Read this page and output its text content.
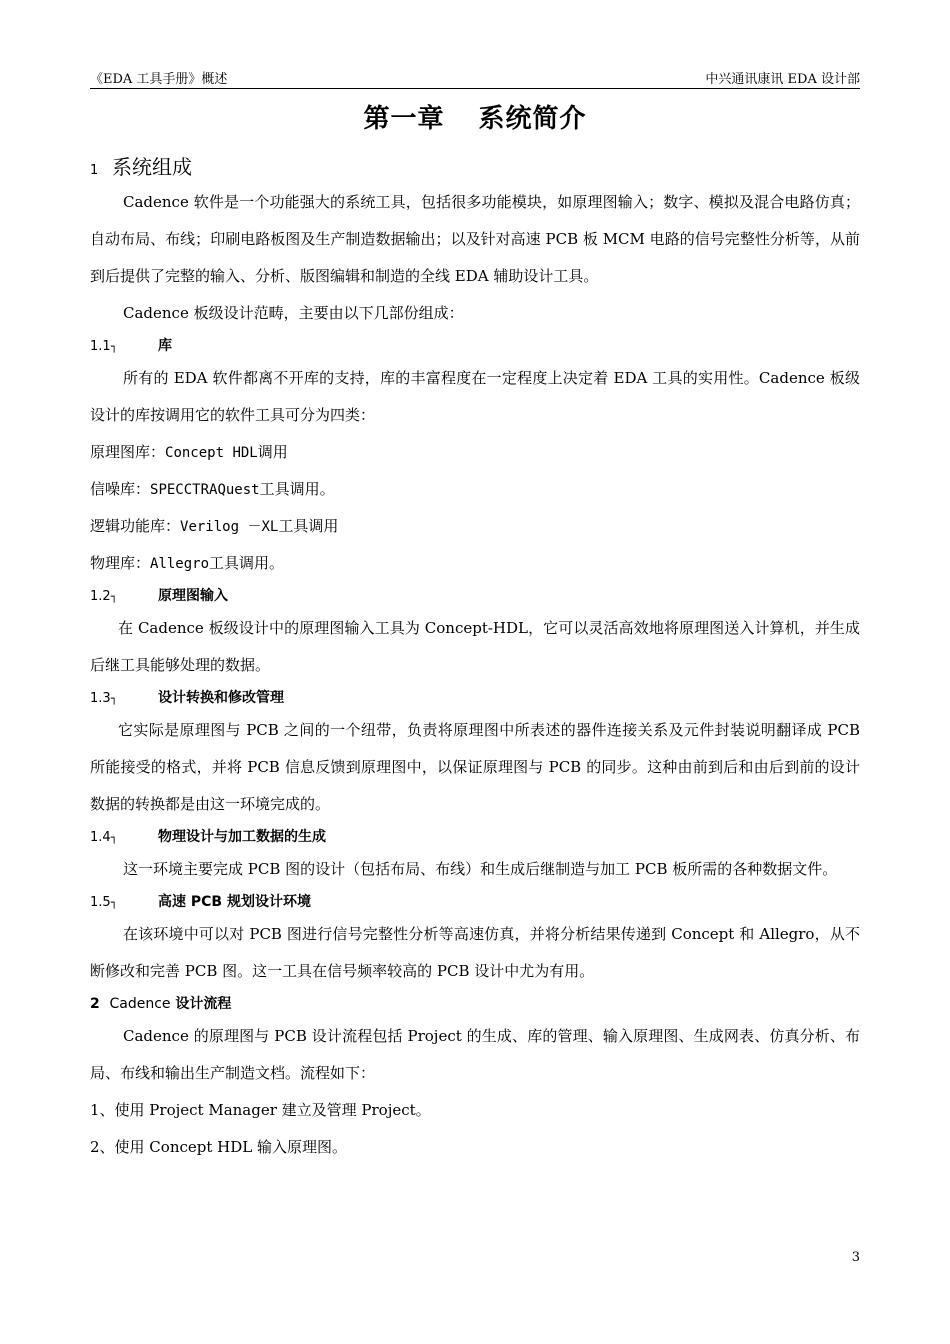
《EDA 工具手册》概述	中兴通讯康讯 EDA 设计部
第一章 系统简介
1 系统组成

Cadence 软件是一个功能强大的系统工具，包括很多功能模块，如原理图输入；数字、模拟及混合电路仿真；自动布局、布线；印刷电路板图及生产制造数据输出；以及针对高速 PCB 板 MCM 电路的信号完整性分析等，从前到后提供了完整的输入、分析、版图编辑和制造的全线 EDA 辅助设计工具。

Cadence 板级设计范畴，主要由以下几部份组成：

1.1┐	库

所有的 EDA 软件都离不开库的支持，库的丰富程度在一定程度上决定着 EDA 工具的实用性。Cadence 板级设计的库按调用它的软件工具可分为四类：

原理图库：Concept HDL调用
信噪库：SPECCTRAQuest工具调用。
逻辑功能库：Verilog －XL工具调用
物理库：Allegro工具调用。
1.2┐	原理图输入

在 Cadence 板级设计中的原理图输入工具为 Concept-HDL，它可以灵活高效地将原理图送入计算机，并生成后继工具能够处理的数据。

1.3┐	设计转换和修改管理

它实际是原理图与 PCB 之间的一个纽带，负责将原理图中所表述的器件连接关系及元件封装说明翻译成 PCB 所能接受的格式，并将 PCB 信息反馈到原理图中，以保证原理图与 PCB 的同步。这种由前到后和由后到前的设计数据的转换都是由这一环境完成的。

1.4┐	物理设计与加工数据的生成

这一环境主要完成 PCB 图的设计（包括布局、布线）和生成后继制造与加工 PCB 板所需的各种数据文件。

1.5┐	高速 PCB 规划设计环境

在该环境中可以对 PCB 图进行信号完整性分析等高速仿真，并将分析结果传递到 Concept 和 Allegro，从不断修改和完善 PCB 图。这一工具在信号频率较高的 PCB 设计中尤为有用。

2 Cadence 设计流程

Cadence 的原理图与 PCB 设计流程包括 Project 的生成、库的管理、输入原理图、生成网表、仿真分析、布局、布线和输出生产制造文档。流程如下：

1、使用 Project Manager 建立及管理 Project。
2、使用 Concept HDL 输入原理图。
3
